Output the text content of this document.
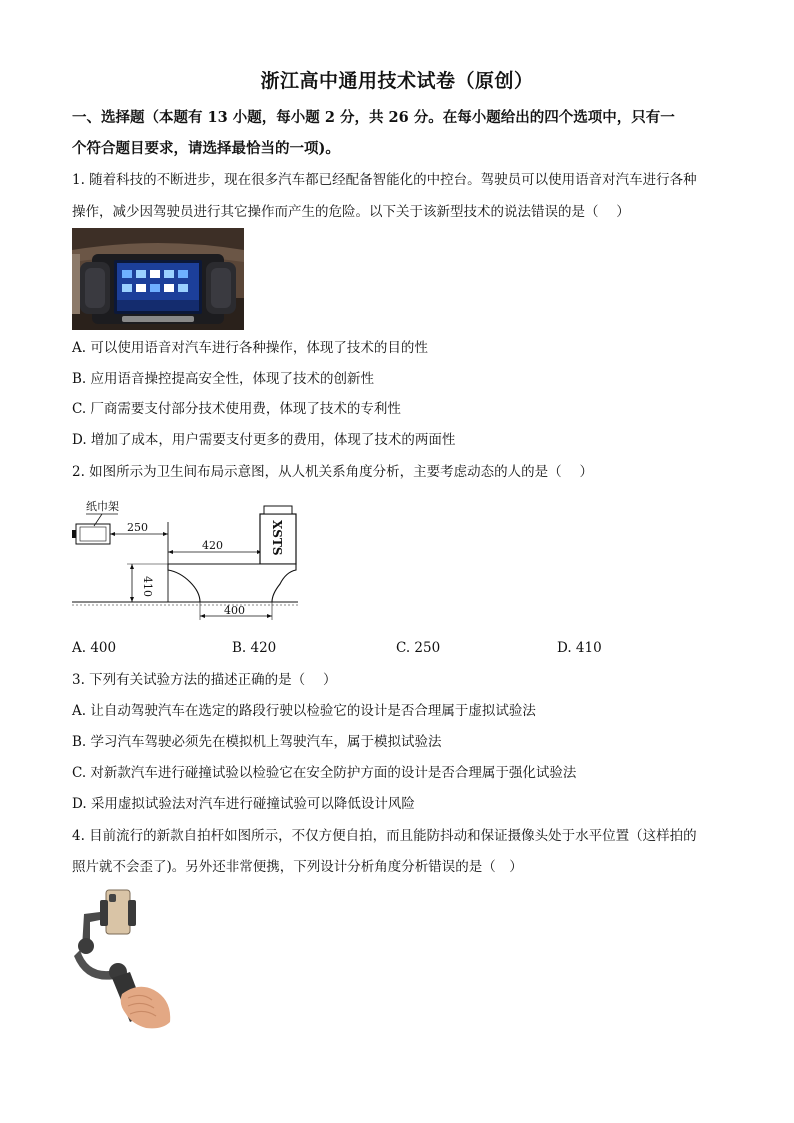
浙江高中通用技术试卷（原创）
一、选择题（本题有 13 小题，每小题 2 分，共 26 分。在每小题给出的四个选项中，只有一
个符合题目要求，请选择最恰当的一项)。
1. 随着科技的不断进步，现在很多汽车都已经配备智能化的中控台。驾驶员可以使用语音对汽车进行各种
操作，减少因驾驶员进行其它操作而产生的危险。以下关于该新型技术的说法错误的是（　 ）
A. 可以使用语音对汽车进行各种操作，体现了技术的目的性
B. 应用语音操控提高安全性，体现了技术的创新性
C. 厂商需要支付部分技术使用费，体现了技术的专利性
D. 增加了成本，用户需要支付更多的费用，体现了技术的两面性
2. 如图所示为卫生间布局示意图，从人机关系角度分析，主要考虑动态的人的是（　 ）
纸巾架
250
420	XSTS
410
400
A. 400	B. 420	C. 250	D. 410
3. 下列有关试验方法的描述正确的是（　 ）
A. 让自动驾驶汽车在选定的路段行驶以检验它的设计是否合理属于虚拟试验法
B. 学习汽车驾驶必须先在模拟机上驾驶汽车，属于模拟试验法
C. 对新款汽车进行碰撞试验以检验它在安全防护方面的设计是否合理属于强化试验法
D. 采用虚拟试验法对汽车进行碰撞试验可以降低设计风险
4. 目前流行的新款自拍杆如图所示，不仅方便自拍，而且能防抖动和保证摄像头处于水平位置（这样拍的
照片就不会歪了)。另外还非常便携，下列设计分析角度分析错误的是（　）
